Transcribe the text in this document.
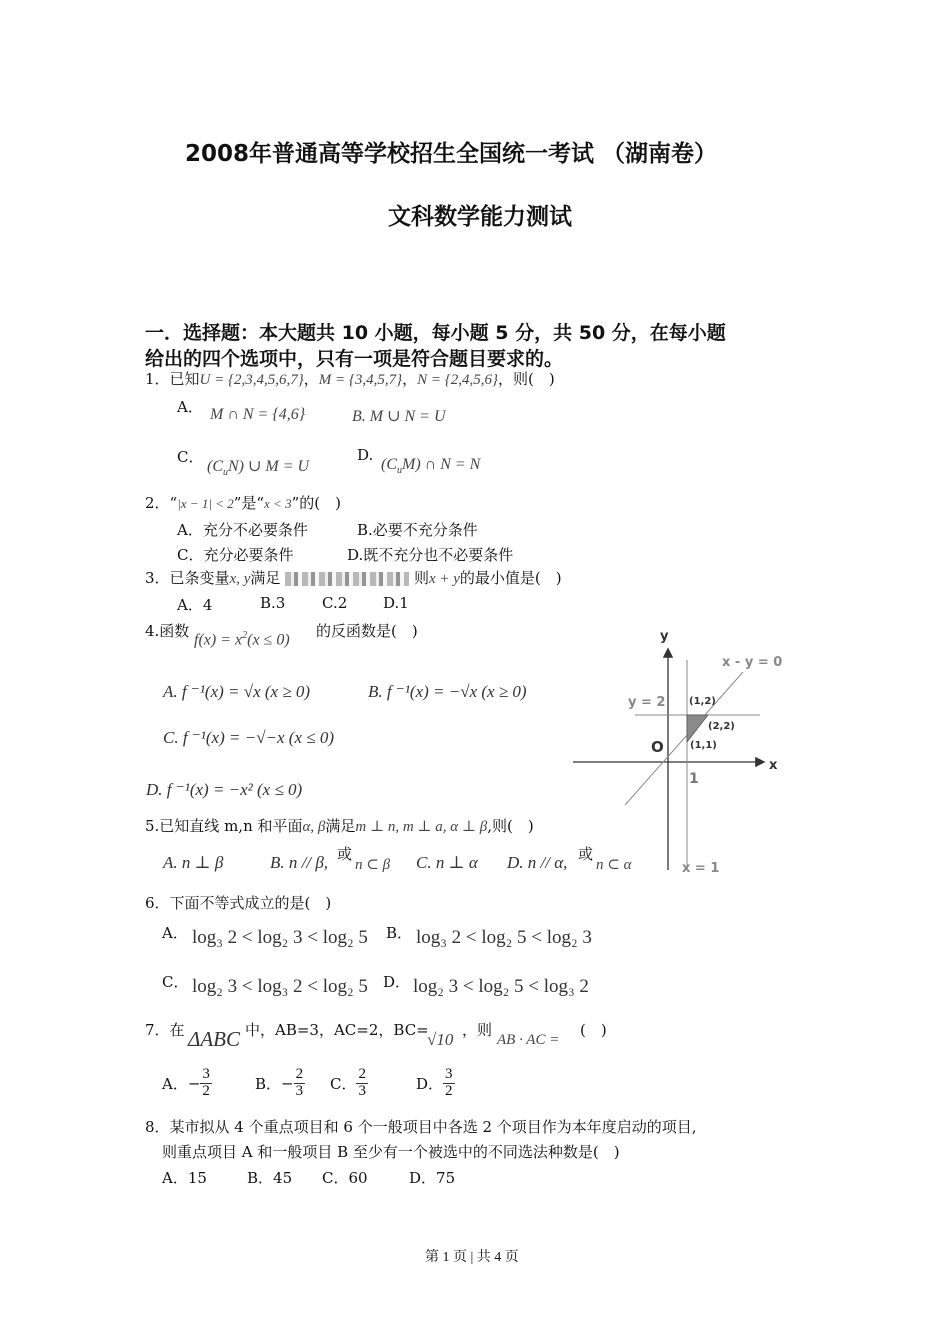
2008年普通高等学校招生全国统一考试 （湖南卷）
文科数学能力测试
一．选择题：本大题共 10 小题，每小题 5 分，共 50 分，在每小题
给出的四个选项中，只有一项是符合题目要求的。
1．已知U = {2,3,4,5,6,7}，M = {3,4,5,7}，N = {2,4,5,6}，则(　)
A． M ∩ N = {4,6}	B. M ∪ N = U
C．
$(C_uN)$ ∪ M = U
D.
$(C_uM)$ ∩ N = N
2．“|x − 1| < 2”是“x < 3”的(　)
A．充分不必要条件	B.必要不充分条件
C．充分必要条件	D.既不充分也不必要条件
3．已条变量x, y满足	则x + y的最小值是(　)
A．4	B.3 C.2 D.1
4.函数 $f(x) = x^2(x \le 0)$ 的反函数是(　)
A. f ⁻¹(x) = √x (x ≥ 0)	B. f ⁻¹(x) = −√x (x ≥ 0)
C. f ⁻¹(x) = −√−x (x ≤ 0)
D. f ⁻¹(x) = −x² (x ≤ 0)
5.已知直线 m,n 和平面α, β满足m ⊥ n, m ⊥ a, α ⊥ β,则(　)
A. n ⊥ β	B. n // β, 或
n ⊂ β C. n ⊥ α D. n // α, 或
n ⊂ α
6．下面不等式成立的是(　)
A． log₃ 2 < log₂ 3 < log₂ 5 B． log₃ 2 < log₂ 5 < log₂ 3
C． log₂ 3 < log₃ 2 < log₂ 5 D． log₂ 3 < log₂ 5 < log₃ 2
7．在 ΔABC 中，AB=3，AC=2，BC=
√10 ，则
AB · AC =
(　)
A．− $\frac{3}{2}$	B．− $\frac{2}{3}$ C． $\frac{2}{3}$	D． $\frac{3}{2}$
8．某市拟从 4 个重点项目和 6 个一般项目中各选 2 个项目作为本年度启动的项目,
则重点项目 A 和一般项目 B 至少有一个被选中的不同选法种数是(　)
A．15	B．45 C．60	D．75
y
x
x - y = 0
y = 2
x = 1
O
1
(1,2)
(2,2)
(1,1)
第 1 页 | 共 4 页
